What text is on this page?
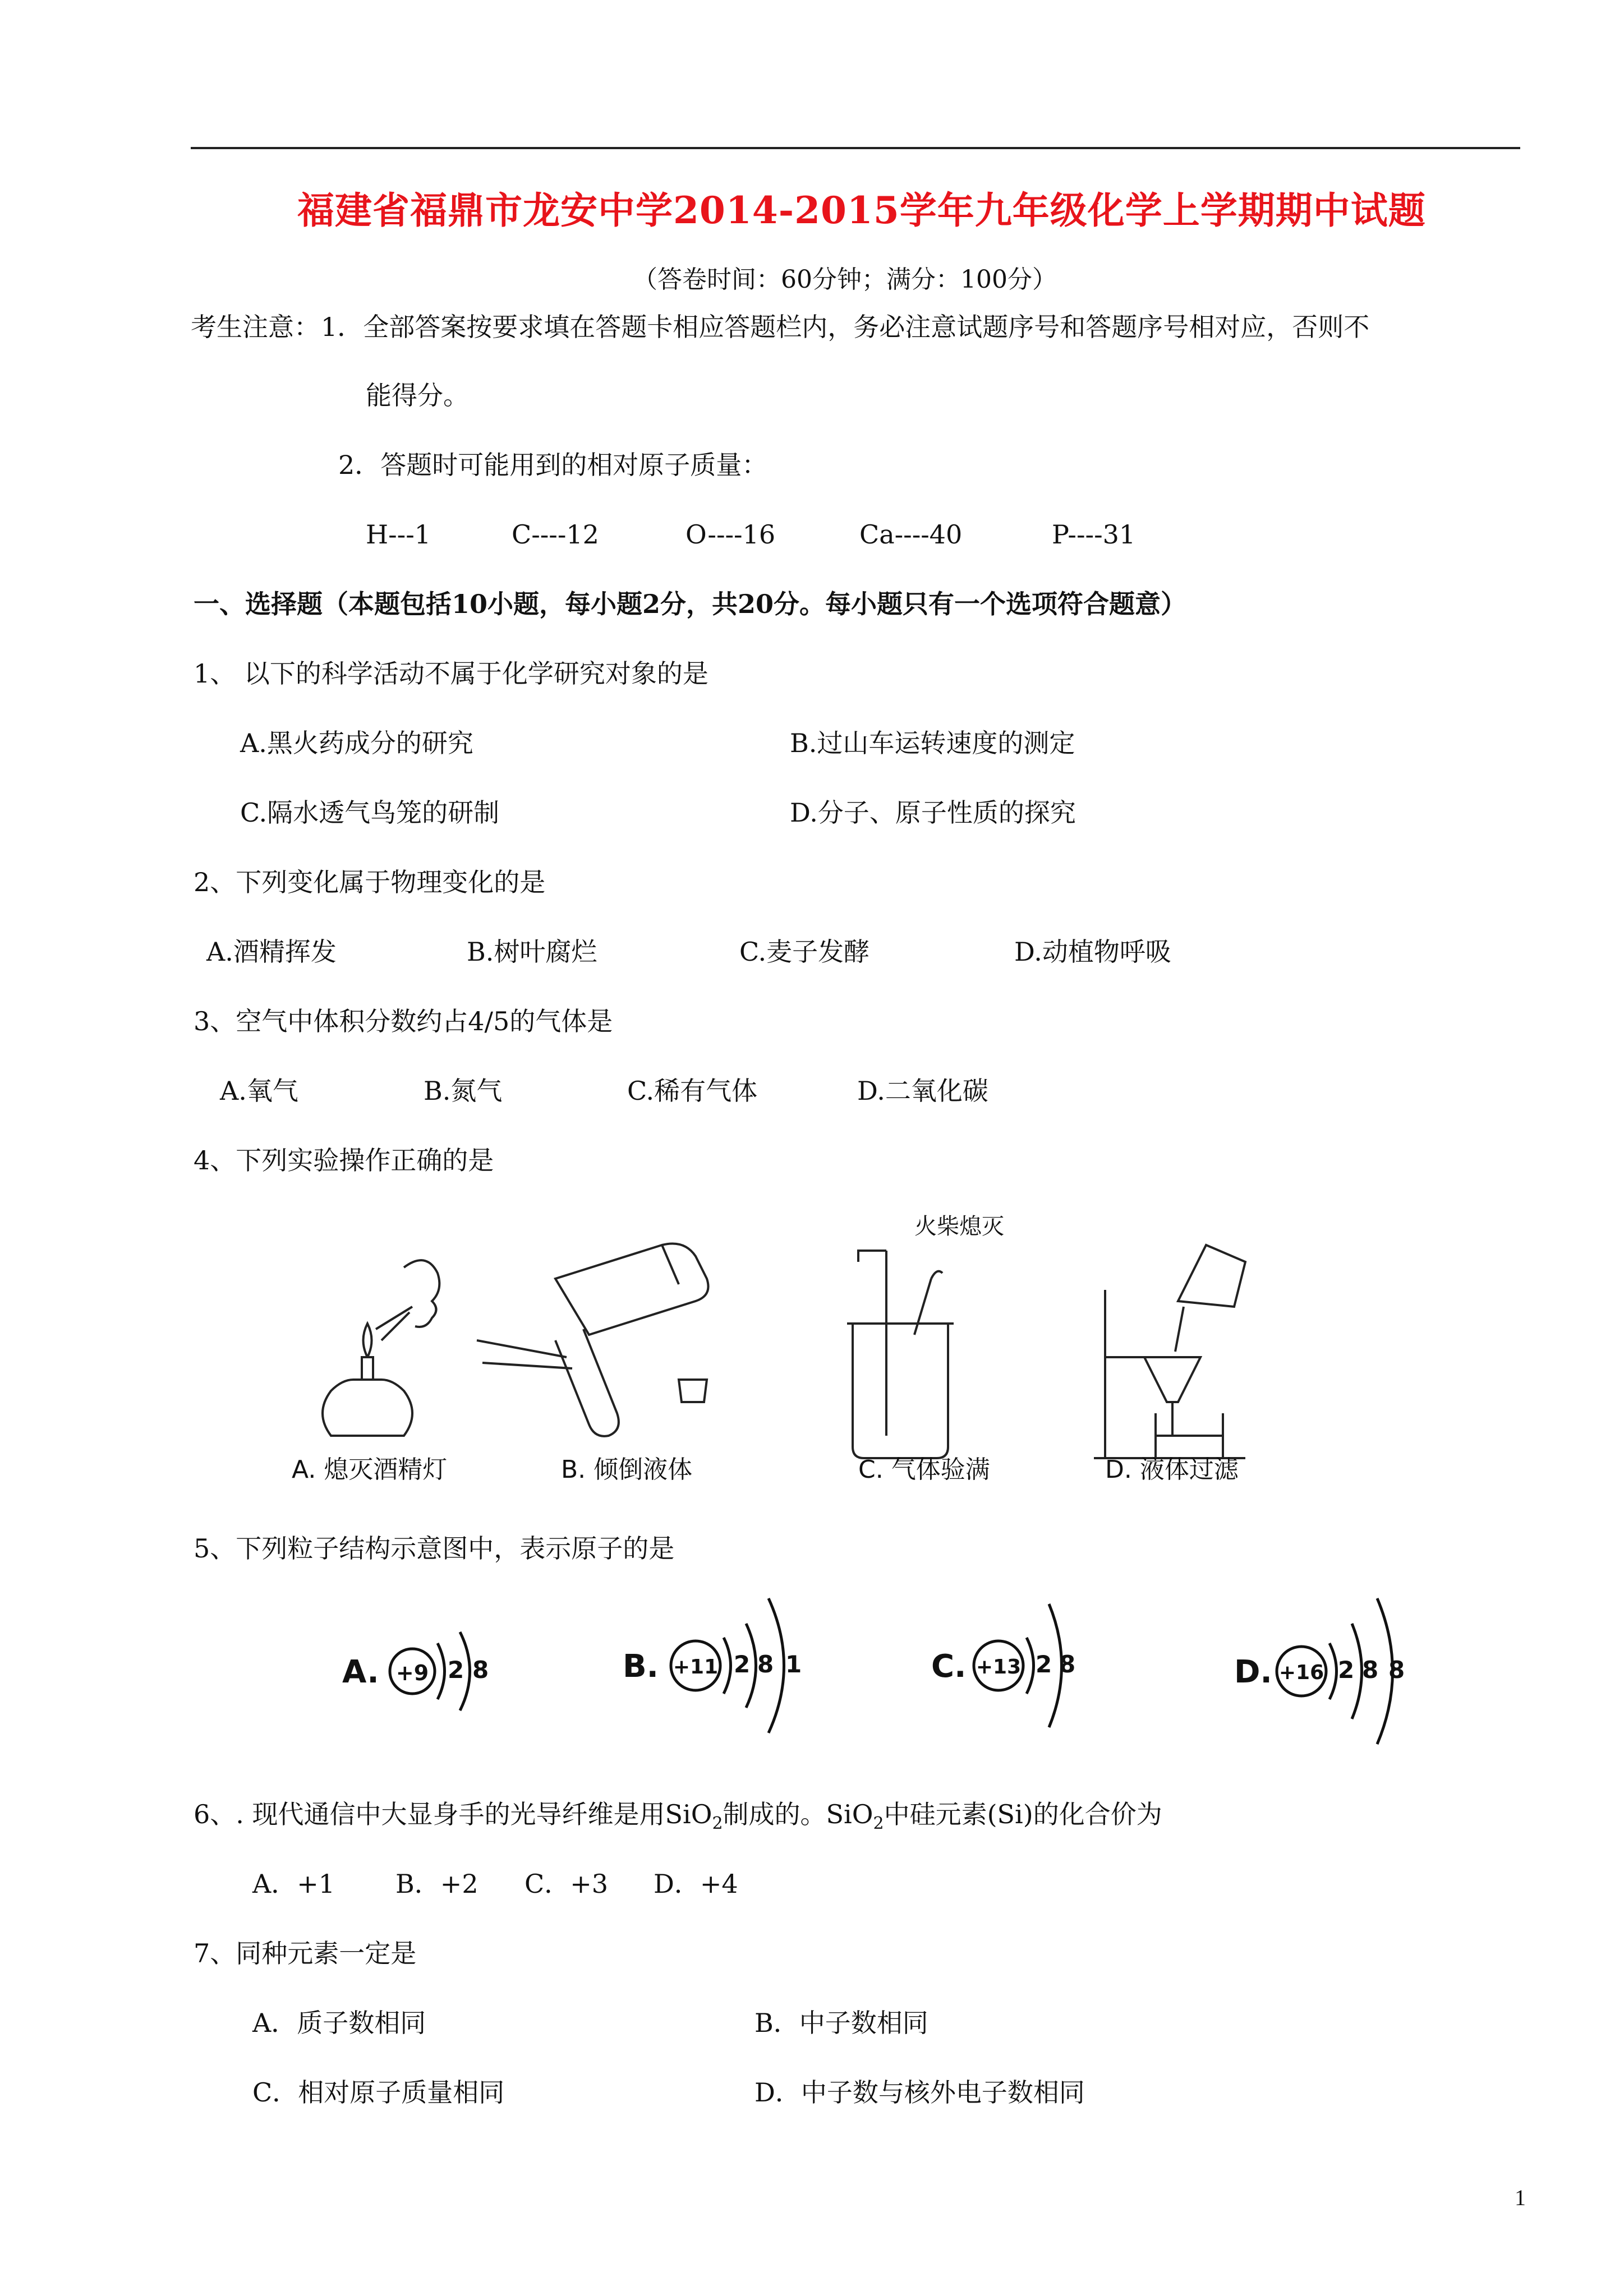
福建省福鼎市龙安中学2014-2015学年九年级化学上学期期中试题
（答卷时间：60分钟；满分：100分）
考生注意： 1．全部答案按要求填在答题卡相应答题栏内，务必注意试题序号和答题序号相对应，否则不
能得分。
2．答题时可能用到的相对原子质量：
H---1	C----12	O----16	Ca----40	P----31
一、选择题（本题包括10小题，每小题2分，共20分。每小题只有一个选项符合题意）
1、 以下的科学活动不属于化学研究对象的是
A.黑火药成分的研究	B.过山车运转速度的测定
C.隔水透气鸟笼的研制	D.分子、原子性质的探究
2、下列变化属于物理变化的是
A.酒精挥发	B.树叶腐烂	C.麦子发酵	D.动植物呼吸
3、空气中体积分数约占4/5的气体是
A.氧气	B.氮气	C.稀有气体	D.二氧化碳
4、下列实验操作正确的是
火柴熄灭
A. 熄灭酒精灯	B. 倾倒液体	C. 气体验满	D. 液体过滤
5、下列粒子结构示意图中，表示原子的是
A. +9 2 8	B. +11 2 8 1	C. +13 2 8	D. +16 2 8 8
6、. 现代通信中大显身手的光导纤维是用SiO$_2$制成的。SiO$_2$中硅元素(Si)的化合价为
A．+1 B．+2 C．+3 D．+4
7、同种元素一定是
A．质子数相同	B．中子数相同
C．相对原子质量相同	D．中子数与核外电子数相同
1
